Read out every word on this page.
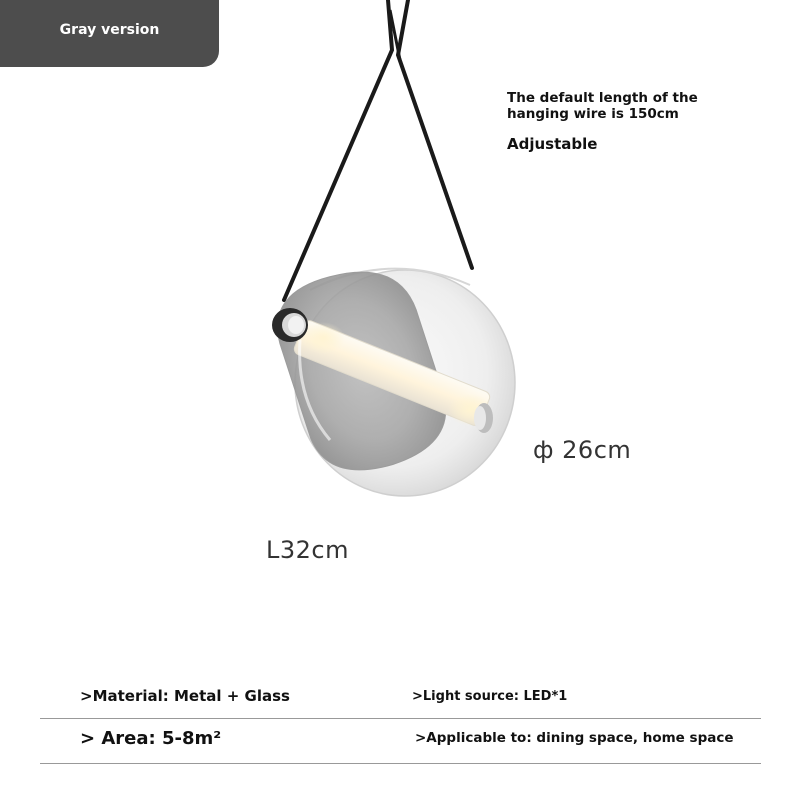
Gray version
The default length of the hanging wire is 150cm
Adjustable
ф 26cm
L32cm
>Material: Metal + Glass	>Light source: LED*1
> Area: 5-8m²	>Applicable to: dining space, home space
